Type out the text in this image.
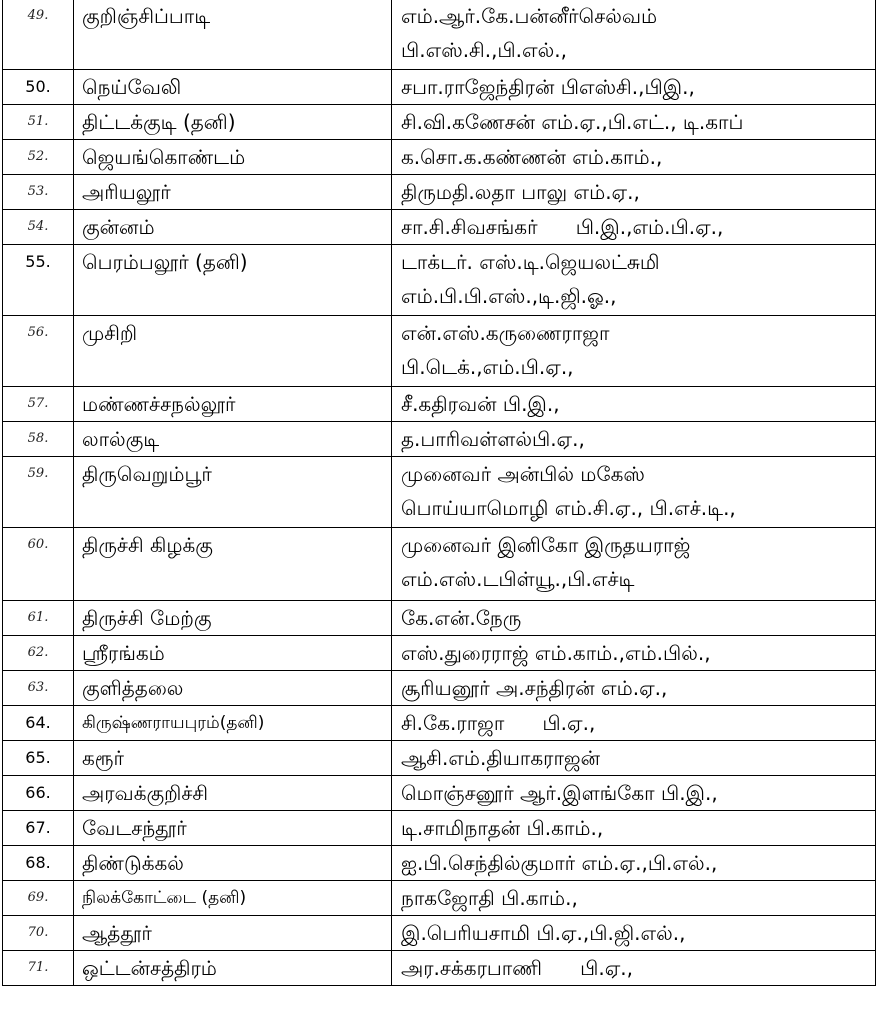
49.	குறிஞ்சிப்பாடி	எம்.ஆர்.கே.பன்னீர்செல்வம்
பி.எஸ்.சி.,பி.எல்.,

50.	நெய்வேலி	சபா.ராஜேந்திரன் பிஎஸ்சி.,பிஇ.,
51.	திட்டக்குடி (தனி)	சி.வி.கணேசன் எம்.ஏ.,பி.எட்., டி.காப்
52.	ஜெயங்கொண்டம்	க.சொ.க.கண்ணன் எம்.காம்.,
53.	அரியலூர்	திருமதி.லதா பாலு எம்.ஏ.,
54.	குன்னம்	சா.சி.சிவசங்கர்      பி.இ.,எம்.பி.ஏ.,
55.	பெரம்பலூர் (தனி)	டாக்டர். எஸ்.டி.ஜெயலட்சுமி
எம்.பி.பி.எஸ்.,டி.ஜி.ஓ.,

56.	முசிறி	என்.எஸ்.கருணைராஜா
பி.டெக்.,எம்.பி.ஏ.,

57.	மண்ணச்சநல்லூர்	சீ.கதிரவன் பி.இ.,
58.	லால்குடி	த.பாரிவள்ளல்பி.ஏ.,
59.	திருவெறும்பூர்	முனைவர் அன்பில் மகேஸ்
பொய்யாமொழி எம்.சி.ஏ., பி.எச்.டி.,

60.	திருச்சி கிழக்கு	முனைவர் இனிகோ இருதயராஜ்
எம்.எஸ்.டபிள்யூ.,பி.எச்டி

61.	திருச்சி மேற்கு	கே.என்.நேரு
62.	ஸ்ரீரங்கம்	எஸ்.துரைராஜ் எம்.காம்.,எம்.பில்.,
63.	குளித்தலை	சூரியனூர் அ.சந்திரன் எம்.ஏ.,
64.	கிருஷ்ணராயபுரம்(தனி)	சி.கே.ராஜா      பி.ஏ.,
65.	கரூர்	ஆசி.எம்.தியாகராஜன்
66.	அரவக்குறிச்சி	மொஞ்சனூர் ஆர்.இளங்கோ பி.இ.,
67.	வேடசந்தூர்	டி.சாமிநாதன் பி.காம்.,
68.	திண்டுக்கல்	ஐ.பி.செந்தில்குமார் எம்.ஏ.,பி.எல்.,
69.	நிலக்கோட்டை (தனி)	நாகஜோதி பி.காம்.,
70.	ஆத்தூர்	இ.பெரியசாமி பி.ஏ.,பி.ஜி.எல்.,
71.	ஒட்டன்சத்திரம்	அர.சக்கரபாணி      பி.ஏ.,
